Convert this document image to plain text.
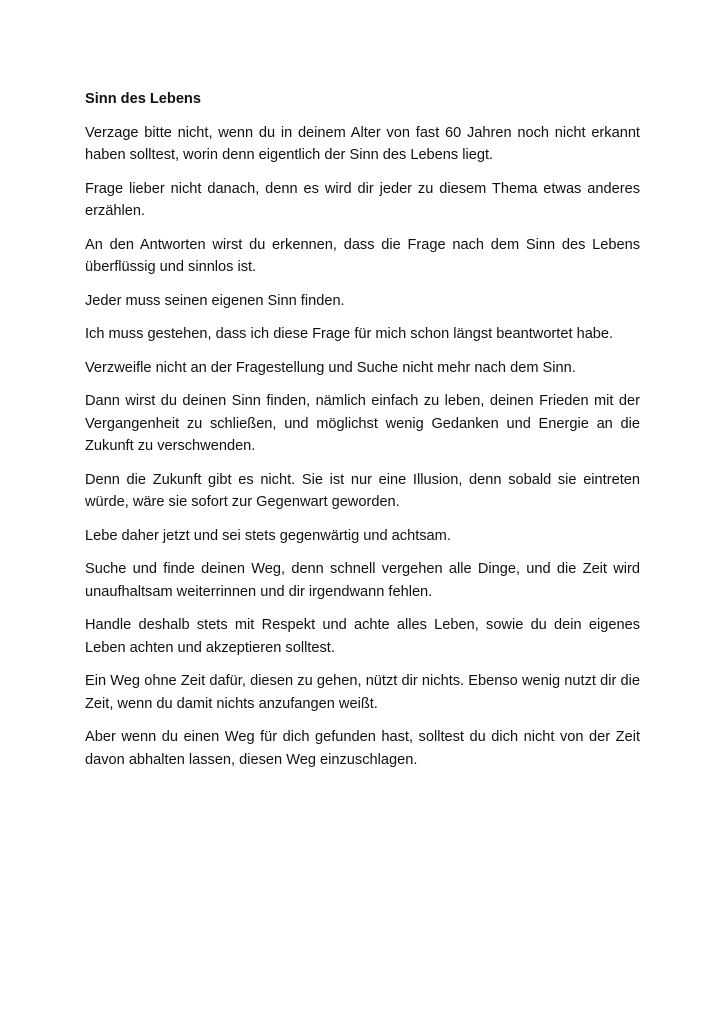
Sinn des Lebens

Verzage bitte nicht, wenn du in deinem Alter von fast 60 Jahren noch nicht erkannt haben solltest, worin denn eigentlich der Sinn des Lebens liegt.

Frage lieber nicht danach, denn es wird dir jeder zu diesem Thema etwas anderes erzählen.

An den Antworten wirst du erkennen, dass die Frage nach dem Sinn des Lebens überflüssig und sinnlos ist.

Jeder muss seinen eigenen Sinn finden.

Ich muss gestehen, dass ich diese Frage für mich schon längst beantwortet habe.

Verzweifle nicht an der Fragestellung und Suche nicht mehr nach dem Sinn.

Dann wirst du deinen Sinn finden, nämlich einfach zu leben, deinen Frieden mit der Vergangenheit zu schließen, und möglichst wenig Gedanken und Energie an die Zukunft zu verschwenden.

Denn die Zukunft gibt es nicht. Sie ist nur eine Illusion, denn sobald sie eintreten würde, wäre sie sofort zur Gegenwart geworden.

Lebe daher jetzt und sei stets gegenwärtig und achtsam.

Suche und finde deinen Weg, denn schnell vergehen alle Dinge, und die Zeit wird unaufhaltsam weiterrinnen und dir irgendwann fehlen.

Handle deshalb stets mit Respekt und achte alles Leben, sowie du dein eigenes Leben achten und akzeptieren solltest.

Ein Weg ohne Zeit dafür, diesen zu gehen, nützt dir nichts. Ebenso wenig nutzt dir die Zeit, wenn du damit nichts anzufangen weißt.

Aber wenn du einen Weg für dich gefunden hast, solltest du dich nicht von der Zeit davon abhalten lassen, diesen Weg einzuschlagen.
